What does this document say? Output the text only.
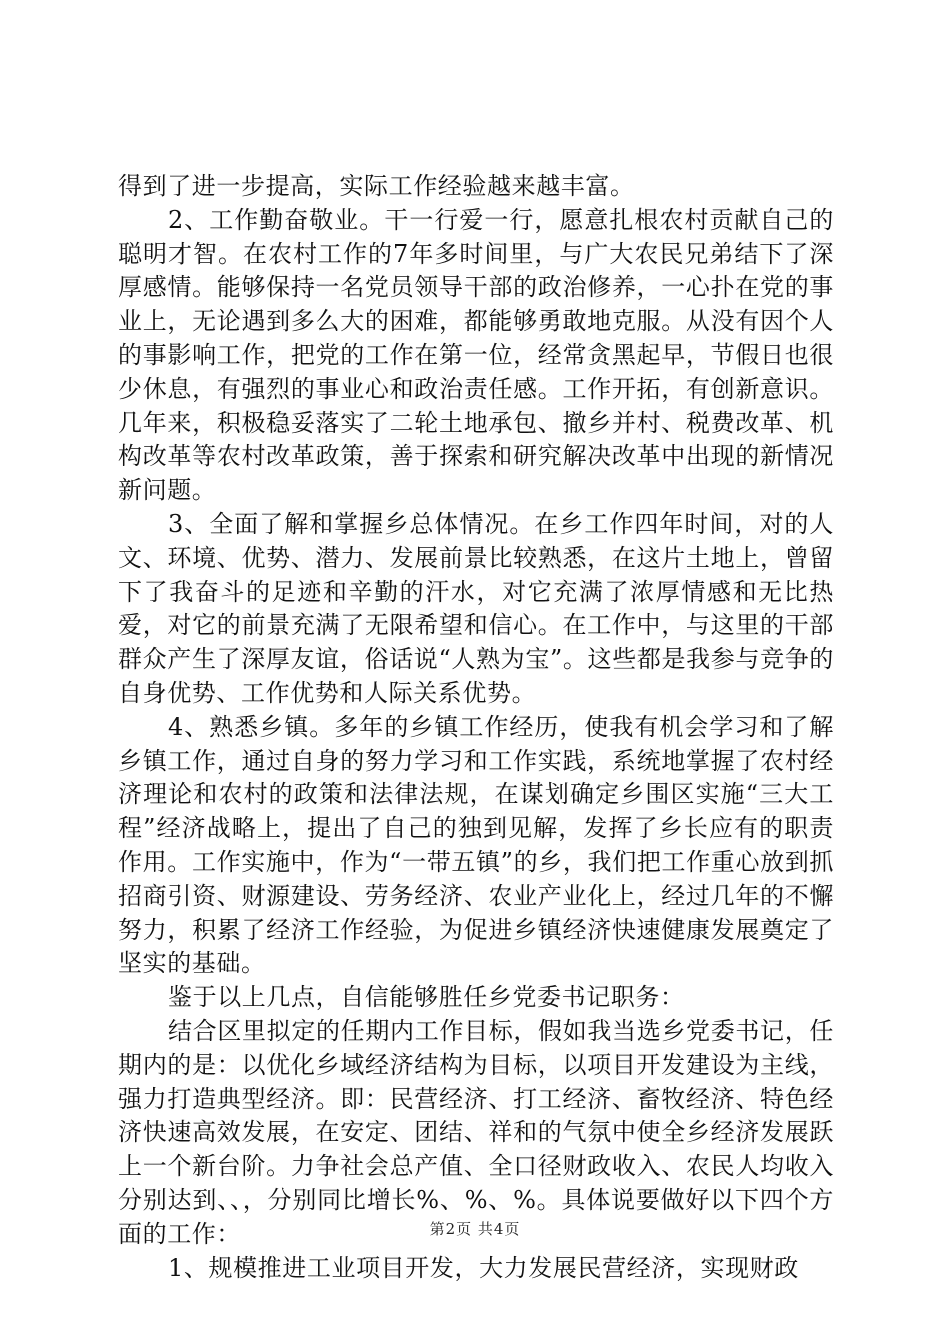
得到了进一步提高，实际工作经验越来越丰富。

2、工作勤奋敬业。干一行爱一行，愿意扎根农村贡献自己的聪明才智。在农村工作的7年多时间里，与广大农民兄弟结下了深厚感情。能够保持一名党员领导干部的政治修养，一心扑在党的事业上，无论遇到多么大的困难，都能够勇敢地克服。从没有因个人的事影响工作，把党的工作在第一位，经常贪黑起早，节假日也很少休息，有强烈的事业心和政治责任感。工作开拓，有创新意识。几年来，积极稳妥落实了二轮土地承包、撤乡并村、税费改革、机构改革等农村改革政策，善于探索和研究解决改革中出现的新情况新问题。

3、全面了解和掌握乡总体情况。在乡工作四年时间，对的人文、环境、优势、潜力、发展前景比较熟悉，在这片土地上，曾留下了我奋斗的足迹和辛勤的汗水，对它充满了浓厚情感和无比热爱，对它的前景充满了无限希望和信心。在工作中，与这里的干部群众产生了深厚友谊，俗话说“人熟为宝”。这些都是我参与竞争的自身优势、工作优势和人际关系优势。

4、熟悉乡镇。多年的乡镇工作经历，使我有机会学习和了解乡镇工作，通过自身的努力学习和工作实践，系统地掌握了农村经济理论和农村的政策和法律法规，在谋划确定乡围区实施“三大工程”经济战略上，提出了自己的独到见解，发挥了乡长应有的职责作用。工作实施中，作为“一带五镇”的乡，我们把工作重心放到抓招商引资、财源建设、劳务经济、农业产业化上，经过几年的不懈努力，积累了经济工作经验，为促进乡镇经济快速健康发展奠定了坚实的基础。

鉴于以上几点，自信能够胜任乡党委书记职务：

结合区里拟定的任期内工作目标，假如我当选乡党委书记，任期内的是：以优化乡域经济结构为目标，以项目开发建设为主线，强力打造典型经济。即：民营经济、打工经济、畜牧经济、特色经济快速高效发展，在安定、团结、祥和的气氛中使全乡经济发展跃上一个新台阶。力争社会总产值、全口径财政收入、农民人均收入分别达到、、，分别同比增长%、%、%。具体说要做好以下四个方面的工作：

1、规模推进工业项目开发，大力发展民营经济，实现财政

第2页 共4页
